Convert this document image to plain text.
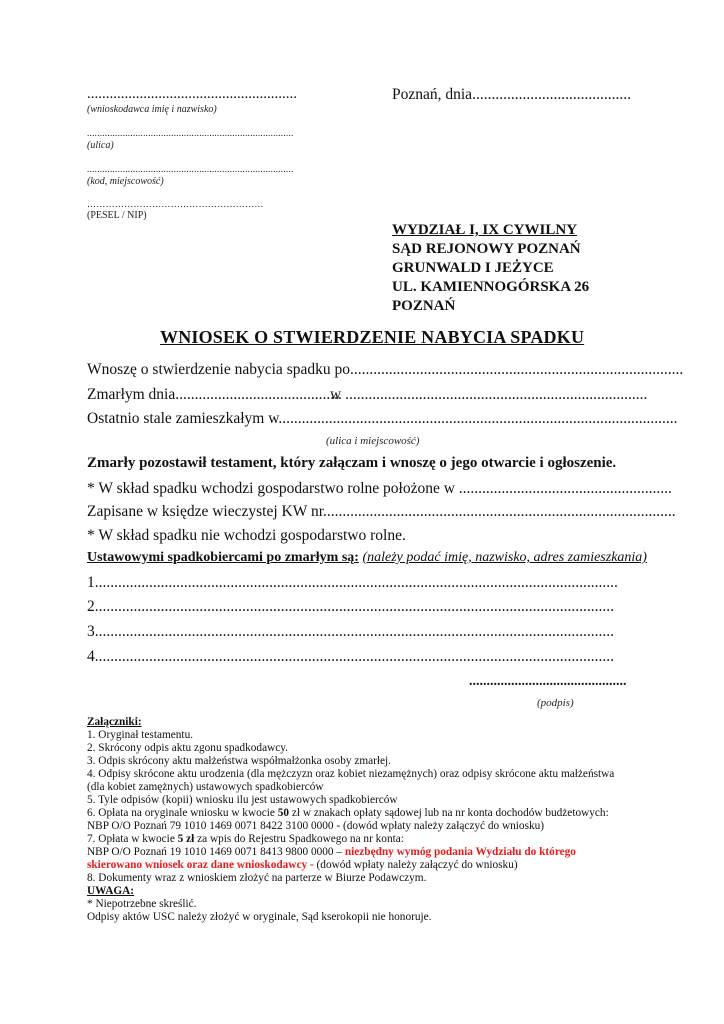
........................................................
(wnioskodawca imię i nazwisko)
.................................................................................
(ulica)
.................................................................................
(kod, miejscowość)
…………………………………………………
(PESEL / NIP)
Poznań, dnia.........................................
WYDZIAŁ I, IX CYWILNY
SĄD REJONOWY POZNAŃ
GRUNWALD I JEŻYCE
UL. KAMIENNOGÓRSKA 26
POZNAŃ
WNIOSEK O STWIERDZENIE NABYCIA SPADKU
Wnoszę o stwierdzenie nabycia spadku po......................................................................................
Zmarłym dnia...........................................
w ..............................................................................
Ostatnio stale zamieszkałym w.......................................................................................................
(ulica i miejscowość)
Zmarły pozostawił testament, który załączam i wnoszę o jego otwarcie i ogłoszenie.
* W skład spadku wchodzi gospodarstwo rolne położone w .......................................................
Zapisane w księdze wieczystej KW nr...........................................................................................
* W skład spadku nie wchodzi gospodarstwo rolne.
Ustawowymi spadkobiercami po zmarłym są: (należy podać imię, nazwisko, adres zamieszkania)
1.......................................................................................................................................
2......................................................................................................................................
3......................................................................................................................................
4......................................................................................................................................
.............................................
(podpis)
Załączniki:
1. Oryginał testamentu.
2. Skrócony odpis aktu zgonu spadkodawcy.
3. Odpis skrócony aktu małżeństwa współmałżonka osoby zmarłej.
4. Odpisy skrócone aktu urodzenia (dla mężczyzn oraz kobiet niezamężnych) oraz odpisy skrócone aktu małżeństwa
(dla kobiet zamężnych) ustawowych spadkobierców
5. Tyle odpisów (kopii) wniosku ilu jest ustawowych spadkobierców
6. Opłata na oryginale wniosku w kwocie 50 zł w znakach opłaty sądowej lub na nr konta dochodów budżetowych:
NBP O/O Poznań 79 1010 1469 0071 8422 3100 0000 - (dowód wpłaty należy załączyć do wniosku)
7. Opłata w kwocie 5 zł za wpis do Rejestru Spadkowego na nr konta:
NBP O/O Poznań 19 1010 1469 0071 8413 9800 0000 – niezbędny wymóg podania Wydziału do którego
skierowano wniosek oraz dane wnioskodawcy - (dowód wpłaty należy załączyć do wniosku)
8. Dokumenty wraz z wnioskiem złożyć na parterze w Biurze Podawczym.
UWAGA:
* Niepotrzebne skreślić.
Odpisy aktów USC należy złożyć w oryginale, Sąd kserokopii nie honoruje.
